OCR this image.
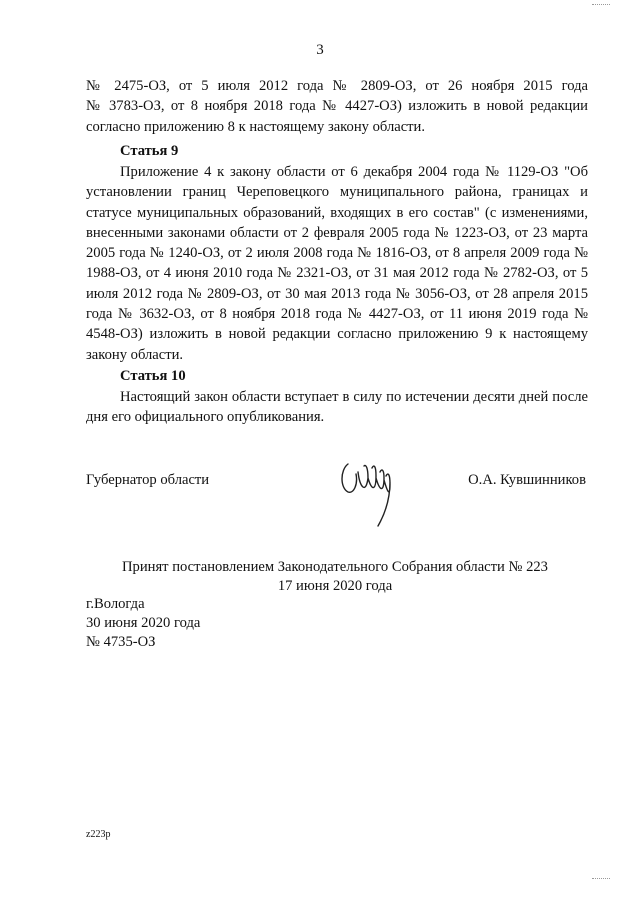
3

№ 2475-ОЗ, от 5 июля 2012 года № 2809-ОЗ, от 26 ноября 2015 года

№ 3783-ОЗ, от 8 ноября 2018 года № 4427-ОЗ) изложить в новой редакции

согласно приложению 8 к настоящему закону области.

Статья 9

Приложение 4 к закону области от 6 декабря 2004 года № 1129-ОЗ "Об установлении границ Череповецкого муниципального района, границах и статусе муниципальных образований, входящих в его состав" (с изменениями, внесенными законами области от 2 февраля 2005 года № 1223-ОЗ, от 23 марта 2005 года № 1240-ОЗ, от 2 июля 2008 года № 1816-ОЗ, от 8 апреля 2009 года № 1988-ОЗ, от 4 июня 2010 года № 2321-ОЗ, от 31 мая 2012 года № 2782-ОЗ, от 5 июля 2012 года № 2809-ОЗ, от 30 мая 2013 года № 3056-ОЗ, от 28 апреля 2015 года № 3632-ОЗ, от 8 ноября 2018 года № 4427-ОЗ, от 11 июня 2019 года № 4548-ОЗ) изложить в новой редакции согласно приложению 9 к настоящему закону области.

Статья 10

Настоящий закон области вступает в силу по истечении десяти дней после дня его официального опубликования.

Губернатор области	О.А. Кувшинников
Принят постановлением Законодательного Собрания области № 223
17 июня 2020 года
г.Вологда
30 июня 2020 года
№ 4735-ОЗ
z223p
